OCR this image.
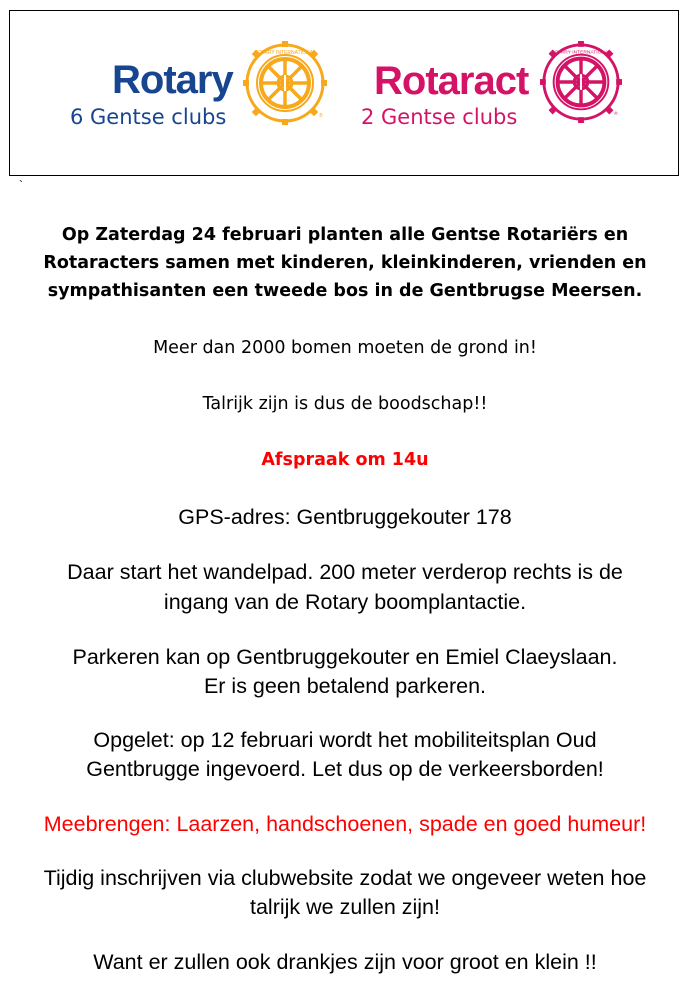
Rotary
6 Gentse clubs
ROTARY INTERNATIONAL
®
Rotaract
2 Gentse clubs
ROTARY INTERNATIONAL
®
`
Op Zaterdag 24 februari planten alle Gentse Rotariërs en
Rotaracters samen met kinderen, kleinkinderen, vrienden en
sympathisanten een tweede bos in de Gentbrugse Meersen.
Meer dan 2000 bomen moeten de grond in!
Talrijk zijn is dus de boodschap!!
Afspraak om 14u
GPS-adres: Gentbruggekouter 178
Daar start het wandelpad. 200 meter verderop rechts is de
ingang van de Rotary boomplantactie.
Parkeren kan op Gentbruggekouter en Emiel Claeyslaan.
Er is geen betalend parkeren.
Opgelet: op 12 februari wordt het mobiliteitsplan Oud
Gentbrugge ingevoerd. Let dus op de verkeersborden!
Meebrengen: Laarzen, handschoenen, spade en goed humeur!
Tijdig inschrijven via clubwebsite zodat we ongeveer weten hoe
talrijk we zullen zijn!
Want er zullen ook drankjes zijn voor groot en klein !!
